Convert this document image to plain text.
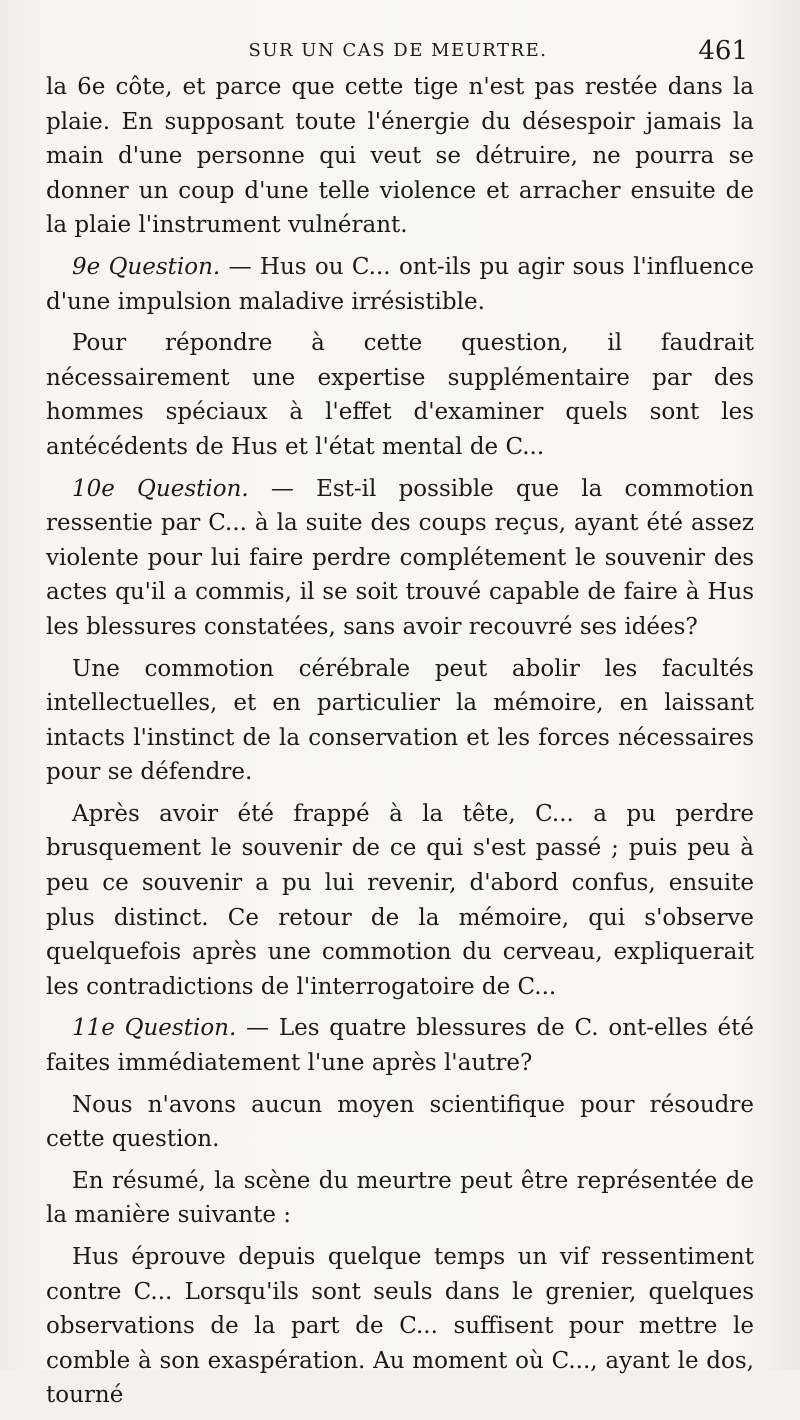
SUR UN CAS DE MEURTRE.	461

la 6e côte, et parce que cette tige n'est pas restée dans la plaie. En supposant toute l'énergie du désespoir jamais la main d'une personne qui veut se détruire, ne pourra se donner un coup d'une telle violence et arracher ensuite de la plaie l'instrument vulnérant.

9e Question. — Hus ou C... ont-ils pu agir sous l'influence d'une impulsion maladive irrésistible.

Pour répondre à cette question, il faudrait nécessairement une expertise supplémentaire par des hommes spéciaux à l'effet d'examiner quels sont les antécédents de Hus et l'état mental de C...

10e Question. — Est-il possible que la commotion ressentie par C... à la suite des coups reçus, ayant été assez violente pour lui faire perdre complétement le souvenir des actes qu'il a commis, il se soit trouvé capable de faire à Hus les blessures constatées, sans avoir recouvré ses idées?

Une commotion cérébrale peut abolir les facultés intellectuelles, et en particulier la mémoire, en laissant intacts l'instinct de la conservation et les forces nécessaires pour se défendre.

Après avoir été frappé à la tête, C... a pu perdre brusquement le souvenir de ce qui s'est passé ; puis peu à peu ce souvenir a pu lui revenir, d'abord confus, ensuite plus distinct. Ce retour de la mémoire, qui s'observe quelquefois après une commotion du cerveau, expliquerait les contradictions de l'interrogatoire de C...

11e Question. — Les quatre blessures de C. ont-elles été faites immédiatement l'une après l'autre?

Nous n'avons aucun moyen scientifique pour résoudre cette question.

En résumé, la scène du meurtre peut être représentée de la manière suivante :

Hus éprouve depuis quelque temps un vif ressentiment contre C... Lorsqu'ils sont seuls dans le grenier, quelques observations de la part de C... suffisent pour mettre le comble à son exaspération. Au moment où C..., ayant le dos, tourné
